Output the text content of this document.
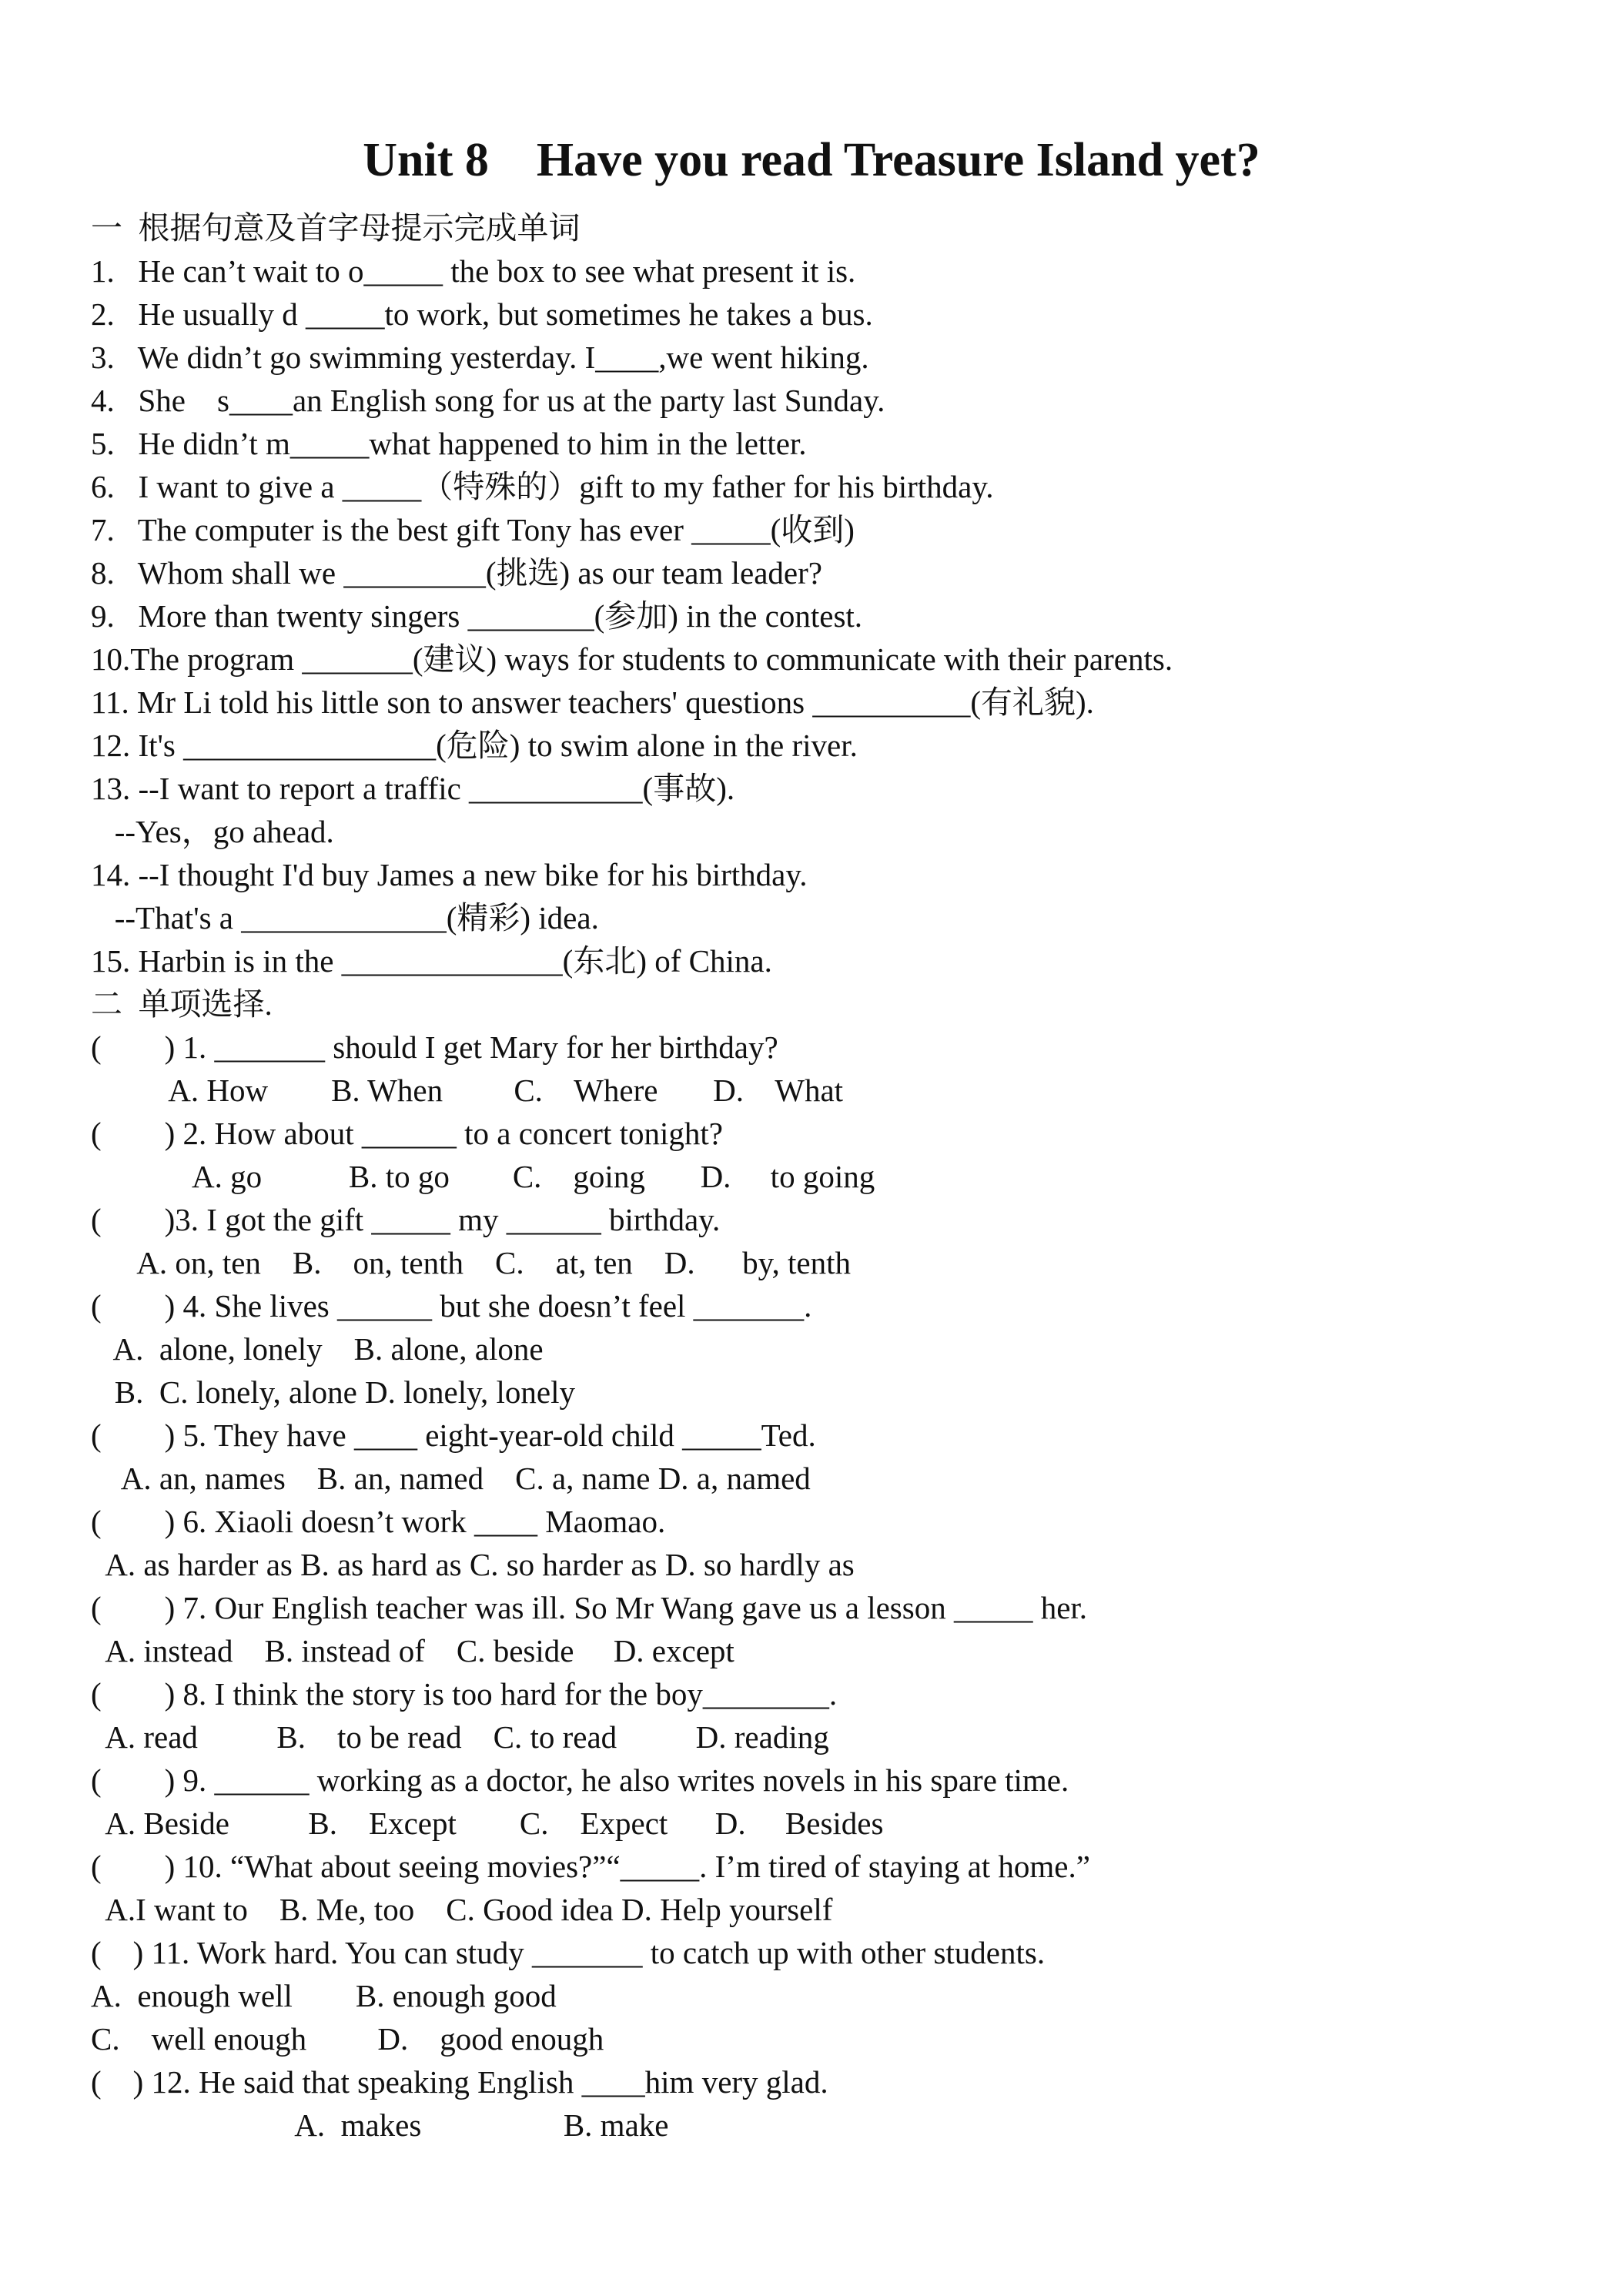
Unit 8    Have you read Treasure Island yet?
一  根据句意及首字母提示完成单词
1.   He can’t wait to o_____ the box to see what present it is.
2.   He usually d _____to work, but sometimes he takes a bus.
3.   We didn’t go swimming yesterday. I____,we went hiking.
4.   She    s____an English song for us at the party last Sunday.
5.   He didn’t m_____what happened to him in the letter.
6.   I want to give a _____（特殊的）gift to my father for his birthday.
7.   The computer is the best gift Tony has ever _____(收到)
8.   Whom shall we _________(挑选) as our team leader?
9.   More than twenty singers ________(参加) in the contest.
10.The program _______(建议) ways for students to communicate with their parents.
11. Mr Li told his little son to answer teachers' questions __________(有礼貌).
12. It's ________________(危险) to swim alone in the river.
13. --I want to report a traffic ___________(事故).
--Yes，go ahead.
14. --I thought I'd buy James a new bike for his birthday.
--That's a _____________(精彩) idea.
15. Harbin is in the ______________(东北) of China.
二  单项选择.
(        ) 1. _______ should I get Mary for her birthday?
A. How        B. When         C.    Where       D.    What
(        ) 2. How about ______ to a concert tonight?
A. go           B. to go        C.    going       D.     to going
(        )3. I got the gift _____ my ______ birthday.
A. on, ten    B.    on, tenth    C.    at, ten    D.      by, tenth
(        ) 4. She lives ______ but she doesn’t feel _______.
A.  alone, lonely    B. alone, alone
B.  C. lonely, alone D. lonely, lonely
(        ) 5. They have ____ eight-year-old child _____Ted.
A. an, names    B. an, named    C. a, name D. a, named
(        ) 6. Xiaoli doesn’t work ____ Maomao.
A. as harder as B. as hard as C. so harder as D. so hardly as
(        ) 7. Our English teacher was ill. So Mr Wang gave us a lesson _____ her.
A. instead    B. instead of    C. beside     D. except
(        ) 8. I think the story is too hard for the boy________.
A. read          B.    to be read    C. to read          D. reading
(        ) 9. ______ working as a doctor, he also writes novels in his spare time.
A. Beside          B.    Except        C.    Expect      D.     Besides
(        ) 10. “What about seeing movies?”“_____. I’m tired of staying at home.”
A.I want to    B. Me, too    C. Good idea D. Help yourself
(    ) 11. Work hard. You can study _______ to catch up with other students.
A.  enough well        B. enough good
C.    well enough         D.    good enough
(    ) 12. He said that speaking English ____him very glad.
A.  makes                  B. make
